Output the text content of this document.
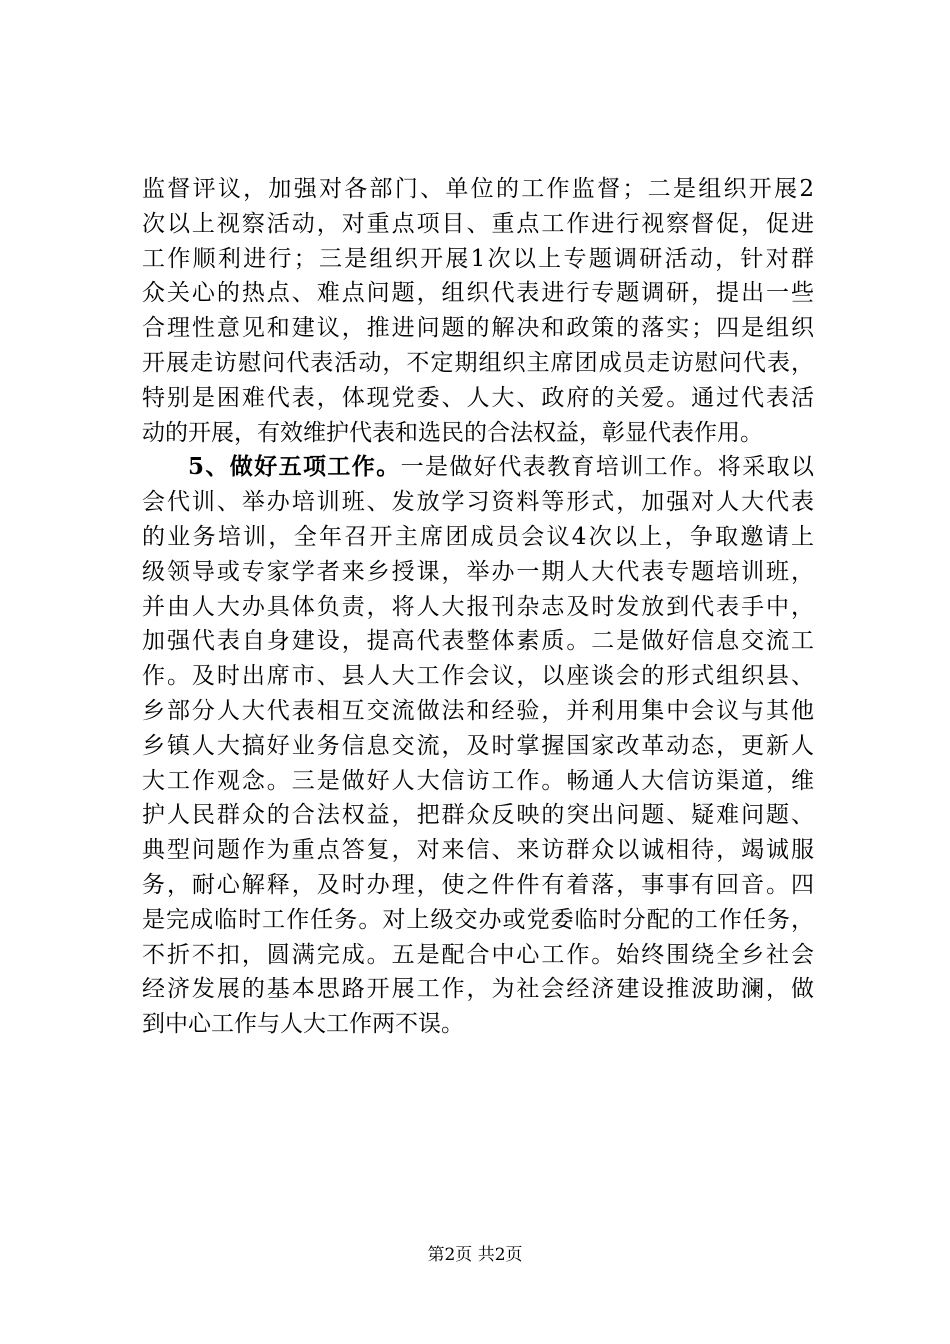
监督评议，加强对各部门、单位的工作监督；二是组织开展2
次以上视察活动，对重点项目、重点工作进行视察督促，促进
工作顺利进行；三是组织开展1次以上专题调研活动，针对群
众关心的热点、难点问题，组织代表进行专题调研，提出一些
合理性意见和建议，推进问题的解决和政策的落实；四是组织
开展走访慰问代表活动，不定期组织主席团成员走访慰问代表，
特别是困难代表，体现党委、人大、政府的关爱。通过代表活
动的开展，有效维护代表和选民的合法权益，彰显代表作用。
5、做好五项工作。一是做好代表教育培训工作。将采取以
会代训、举办培训班、发放学习资料等形式，加强对人大代表
的业务培训，全年召开主席团成员会议4次以上，争取邀请上
级领导或专家学者来乡授课，举办一期人大代表专题培训班，
并由人大办具体负责，将人大报刊杂志及时发放到代表手中，
加强代表自身建设，提高代表整体素质。二是做好信息交流工
作。及时出席市、县人大工作会议，以座谈会的形式组织县、
乡部分人大代表相互交流做法和经验，并利用集中会议与其他
乡镇人大搞好业务信息交流，及时掌握国家改革动态，更新人
大工作观念。三是做好人大信访工作。畅通人大信访渠道，维
护人民群众的合法权益，把群众反映的突出问题、疑难问题、
典型问题作为重点答复，对来信、来访群众以诚相待，竭诚服
务，耐心解释，及时办理，使之件件有着落，事事有回音。四
是完成临时工作任务。对上级交办或党委临时分配的工作任务，
不折不扣，圆满完成。五是配合中心工作。始终围绕全乡社会
经济发展的基本思路开展工作，为社会经济建设推波助澜，做
到中心工作与人大工作两不误。
第2页 共2页
